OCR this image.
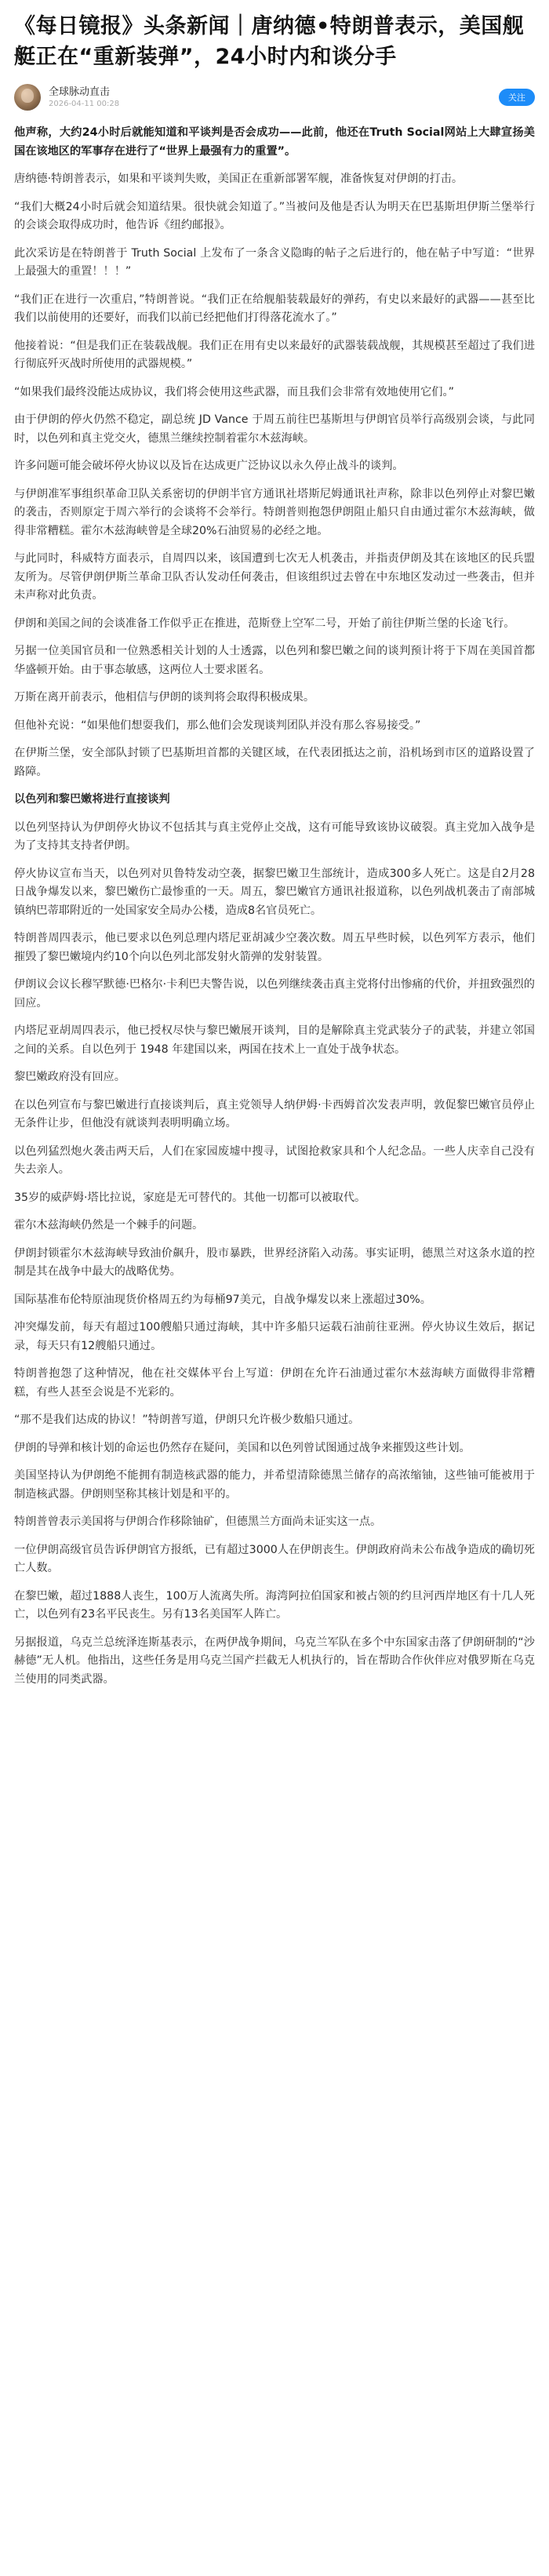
《每日镜报》头条新闻｜唐纳德•特朗普表示，美国舰艇正在“重新装弹”，24小时内和谈分手
全球脉动直击
2026-04-11 00:28
关注

他声称，大约24小时后就能知道和平谈判是否会成功——此前，他还在Truth Social网站上大肆宣扬美国在该地区的军事存在进行了“世界上最强有力的重置”。

唐纳德·特朗普表示，如果和平谈判失败，美国正在重新部署军舰，准备恢复对伊朗的打击。

“我们大概24小时后就会知道结果。很快就会知道了。”当被问及他是否认为明天在巴基斯坦伊斯兰堡举行的会谈会取得成功时，他告诉《纽约邮报》。

此次采访是在特朗普于 Truth Social 上发布了一条含义隐晦的帖子之后进行的，他在帖子中写道：“世界上最强大的重置！！！”

“我们正在进行一次重启，”特朗普说。“我们正在给舰船装载最好的弹药，有史以来最好的武器——甚至比我们以前使用的还要好，而我们以前已经把他们打得落花流水了。”

他接着说：“但是我们正在装载战舰。我们正在用有史以来最好的武器装载战舰，其规模甚至超过了我们进行彻底歼灭战时所使用的武器规模。”

“如果我们最终没能达成协议，我们将会使用这些武器，而且我们会非常有效地使用它们。”

由于伊朗的停火仍然不稳定，副总统 JD Vance 于周五前往巴基斯坦与伊朗官员举行高级别会谈，与此同时，以色列和真主党交火，德黑兰继续控制着霍尔木兹海峡。

许多问题可能会破坏停火协议以及旨在达成更广泛协议以永久停止战斗的谈判。

与伊朗准军事组织革命卫队关系密切的伊朗半官方通讯社塔斯尼姆通讯社声称，除非以色列停止对黎巴嫩的袭击，否则原定于周六举行的会谈将不会举行。特朗普则抱怨伊朗阻止船只自由通过霍尔木兹海峡，做得非常糟糕。霍尔木兹海峡曾是全球20%石油贸易的必经之地。

与此同时，科威特方面表示，自周四以来，该国遭到七次无人机袭击，并指责伊朗及其在该地区的民兵盟友所为。尽管伊朗伊斯兰革命卫队否认发动任何袭击，但该组织过去曾在中东地区发动过一些袭击，但并未声称对此负责。

伊朗和美国之间的会谈准备工作似乎正在推进，范斯登上空军二号，开始了前往伊斯兰堡的长途飞行。

另据一位美国官员和一位熟悉相关计划的人士透露，以色列和黎巴嫩之间的谈判预计将于下周在美国首都华盛顿开始。由于事态敏感，这两位人士要求匿名。

万斯在离开前表示，他相信与伊朗的谈判将会取得积极成果。

但他补充说：“如果他们想耍我们，那么他们会发现谈判团队并没有那么容易接受。”

在伊斯兰堡，安全部队封锁了巴基斯坦首都的关键区域，在代表团抵达之前，沿机场到市区的道路设置了路障。

以色列和黎巴嫩将进行直接谈判

以色列坚持认为伊朗停火协议不包括其与真主党停止交战，这有可能导致该协议破裂。真主党加入战争是为了支持其支持者伊朗。

停火协议宣布当天，以色列对贝鲁特发动空袭，据黎巴嫩卫生部统计，造成300多人死亡。这是自2月28日战争爆发以来，黎巴嫩伤亡最惨重的一天。周五，黎巴嫩官方通讯社报道称，以色列战机袭击了南部城镇纳巴蒂耶附近的一处国家安全局办公楼，造成8名官员死亡。

特朗普周四表示，他已要求以色列总理内塔尼亚胡减少空袭次数。周五早些时候，以色列军方表示，他们摧毁了黎巴嫩境内约10个向以色列北部发射火箭弹的发射装置。

伊朗议会议长穆罕默德·巴格尔·卡利巴夫警告说，以色列继续袭击真主党将付出惨痛的代价，并扭致强烈的回应。

内塔尼亚胡周四表示，他已授权尽快与黎巴嫩展开谈判，目的是解除真主党武装分子的武装，并建立邻国之间的关系。自以色列于 1948 年建国以来，两国在技术上一直处于战争状态。

黎巴嫩政府没有回应。

在以色列宣布与黎巴嫩进行直接谈判后，真主党领导人纳伊姆·卡西姆首次发表声明，敦促黎巴嫩官员停止无条件让步，但他没有就谈判表明明确立场。

以色列猛烈炮火袭击两天后，人们在家园废墟中搜寻，试图抢救家具和个人纪念品。一些人庆幸自己没有失去亲人。

35岁的威萨姆·塔比拉说，家庭是无可替代的。其他一切都可以被取代。

霍尔木兹海峡仍然是一个棘手的问题。

伊朗封锁霍尔木兹海峡导致油价飙升，股市暴跌，世界经济陷入动荡。事实证明，德黑兰对这条水道的控制是其在战争中最大的战略优势。

国际基准布伦特原油现货价格周五约为每桶97美元，自战争爆发以来上涨超过30%。

冲突爆发前，每天有超过100艘船只通过海峡，其中许多船只运载石油前往亚洲。停火协议生效后，据记录，每天只有12艘船只通过。

特朗普抱怨了这种情况，他在社交媒体平台上写道：伊朗在允许石油通过霍尔木兹海峡方面做得非常糟糕，有些人甚至会说是不光彩的。

“那不是我们达成的协议！”特朗普写道，伊朗只允许极少数船只通过。

伊朗的导弹和核计划的命运也仍然存在疑问，美国和以色列曾试图通过战争来摧毁这些计划。

美国坚持认为伊朗绝不能拥有制造核武器的能力，并希望清除德黑兰储存的高浓缩铀，这些铀可能被用于制造核武器。伊朗则坚称其核计划是和平的。

特朗普曾表示美国将与伊朗合作移除铀矿，但德黑兰方面尚未证实这一点。

一位伊朗高级官员告诉伊朗官方报纸，已有超过3000人在伊朗丧生。伊朗政府尚未公布战争造成的确切死亡人数。

在黎巴嫩，超过1888人丧生，100万人流离失所。海湾阿拉伯国家和被占领的约旦河西岸地区有十几人死亡，以色列有23名平民丧生。另有13名美国军人阵亡。

另据报道，乌克兰总统泽连斯基表示，在两伊战争期间，乌克兰军队在多个中东国家击落了伊朗研制的“沙赫德”无人机。他指出，这些任务是用乌克兰国产拦截无人机执行的，旨在帮助合作伙伴应对俄罗斯在乌克兰使用的同类武器。
